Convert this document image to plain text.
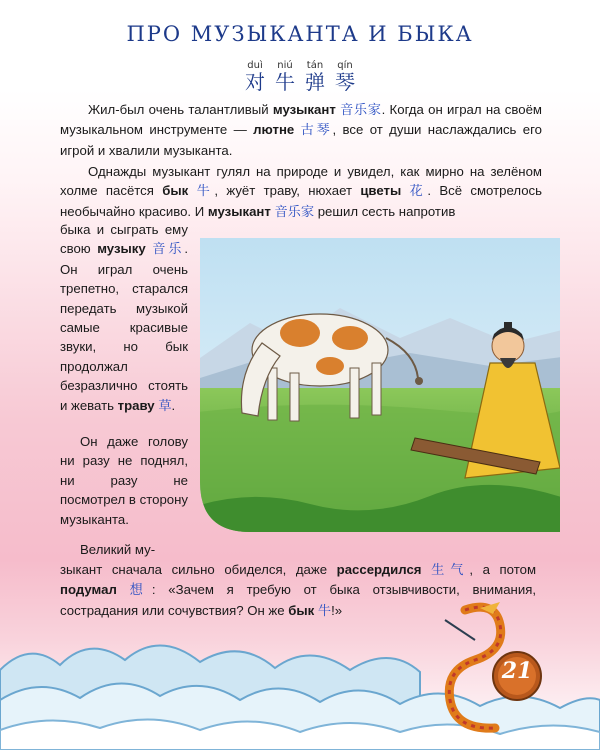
ПРО МУЗЫКАНТА И БЫКА
duì
对
niú
牛
tán
弹
qín
琴

Жил-был очень талантливый музыкант 音乐家. Когда он играл на своём музыкальном инструменте — лютне 古琴, все от души наслаждались его игрой и хвалили музыканта.

Однажды музыкант гулял на природе и увидел, как мирно на зелёном холме пасётся бык 牛, жуёт траву, нюхает цветы 花. Всё смотрелось необычайно красиво. И музыкант 音乐家 решил сесть напротив

быка и сыграть ему свою музыку 音乐. Он играл очень трепетно, старался передать музыкой самые красивые звуки, но бык продолжал безразлично стоять и жевать траву 草.

Он даже голову ни разу не поднял, ни разу не посмотрел в сторону музыканта.

Великий му-

зыкант сначала сильно обиделся, даже рассердился 生气, а потом подумал 想: «Зачем я требую от быка отзывчивости, внимания, сострадания или сочувствия? Он же бык 牛!»

21
